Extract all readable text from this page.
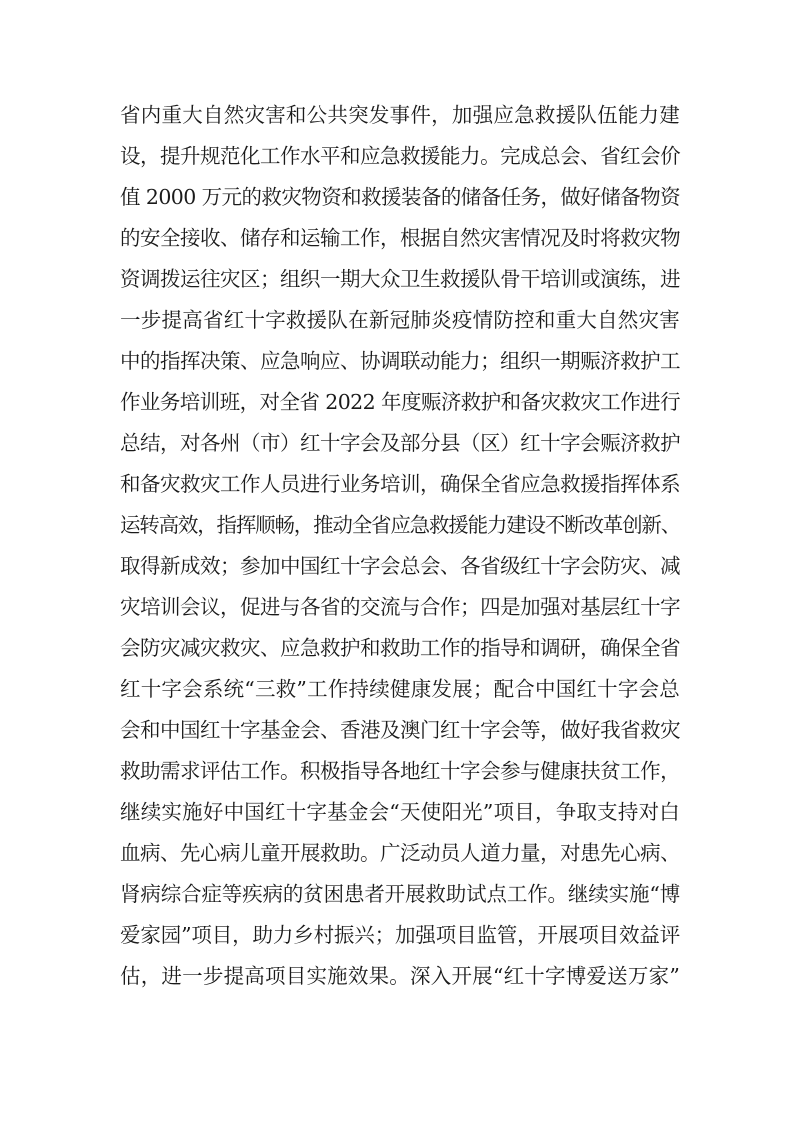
省内重大自然灾害和公共突发事件，加强应急救援队伍能力建
设，提升规范化工作水平和应急救援能力。完成总会、省红会价
值 2000 万元的救灾物资和救援装备的储备任务，做好储备物资
的安全接收、储存和运输工作，根据自然灾害情况及时将救灾物
资调拨运往灾区；组织一期大众卫生救援队骨干培训或演练，进
一步提高省红十字救援队在新冠肺炎疫情防控和重大自然灾害
中的指挥决策、应急响应、协调联动能力；组织一期赈济救护工
作业务培训班，对全省 2022 年度赈济救护和备灾救灾工作进行
总结，对各州（市）红十字会及部分县（区）红十字会赈济救护
和备灾救灾工作人员进行业务培训，确保全省应急救援指挥体系
运转高效，指挥顺畅，推动全省应急救援能力建设不断改革创新、
取得新成效；参加中国红十字会总会、各省级红十字会防灾、减
灾培训会议，促进与各省的交流与合作；四是加强对基层红十字
会防灾减灾救灾、应急救护和救助工作的指导和调研，确保全省
红十字会系统“三救”工作持续健康发展；配合中国红十字会总
会和中国红十字基金会、香港及澳门红十字会等，做好我省救灾
救助需求评估工作。积极指导各地红十字会参与健康扶贫工作，
继续实施好中国红十字基金会“天使阳光”项目，争取支持对白
血病、先心病儿童开展救助。广泛动员人道力量，对患先心病、
肾病综合症等疾病的贫困患者开展救助试点工作。继续实施“博
爱家园”项目，助力乡村振兴；加强项目监管，开展项目效益评
估，进一步提高项目实施效果。深入开展“红十字博爱送万家”
